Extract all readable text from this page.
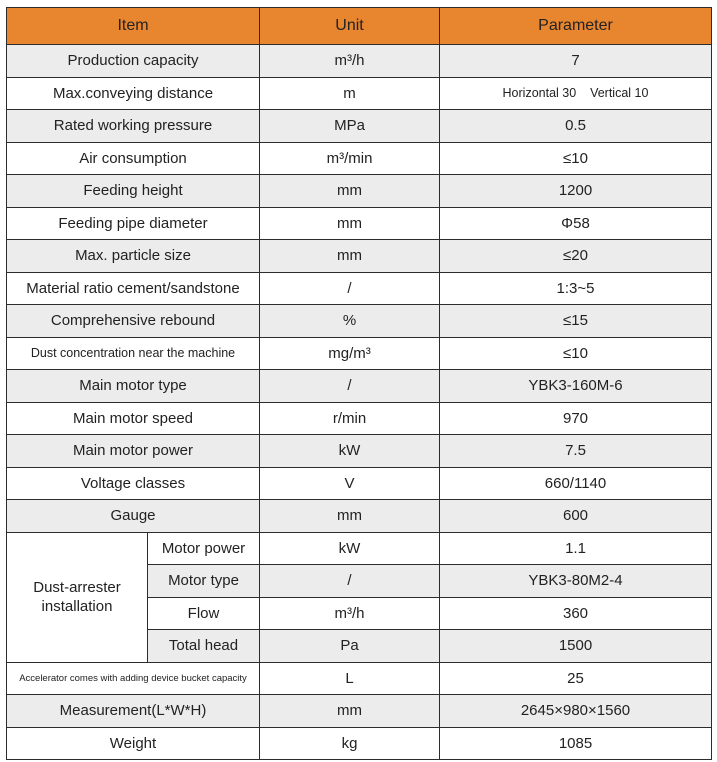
Item		Unit	Parameter
Production capacity		m³/h	7
Max.conveying distance		m	Horizontal 30    Vertical 10
Rated working pressure		MPa	0.5
Air consumption		m³/min	≤10
Feeding height		mm	1200
Feeding pipe diameter		mm	Φ58
Max. particle size		mm	≤20
Material ratio cement/sandstone		/	1:3~5
Comprehensive rebound		%	≤15
Dust concentration near the machine		mg/m³	≤10
Main motor type		/	YBK3-160M-6
Main motor speed		r/min	970
Main motor power		kW	7.5
Voltage classes		V	660/1140
Gauge		mm	600
Dust-arrester installation	Motor power	kW	1.1
	Motor type	/	YBK3-80M2-4
	Flow	m³/h	360
	Total head	Pa	1500
Accelerator comes with adding device bucket capacity		L	25
Measurement(L*W*H)		mm	2645×980×1560
Weight		kg	1085
